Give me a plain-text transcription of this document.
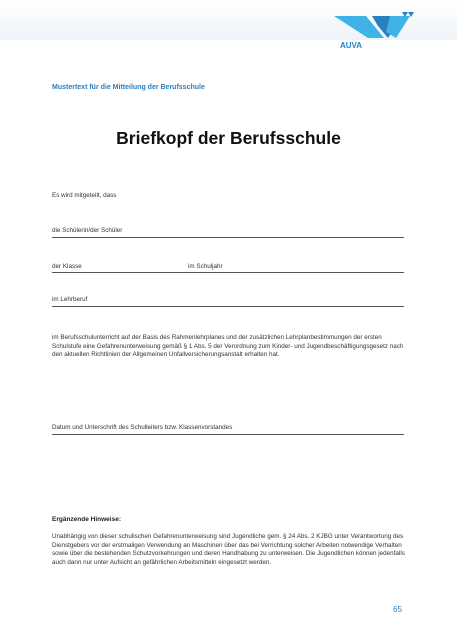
AUVA
Mustertext für die Mitteilung der Berufsschule
Briefkopf der Berufsschule
Es wird mitgeteilt, dass
die Schülerin/der Schüler
der Klasse	im Schuljahr
im Lehrberuf
im Berufsschulunterricht auf der Basis des Rahmenlehrplanes und der zusätzlichen Lehrplanbestimmungen der ersten Schulstufe eine Gefahrenunterweisung gemäß § 1 Abs. 5 der Verordnung zum Kinder- und Jugendbeschäftigungsgesetz nach den aktuellen Richtlinien der Allgemeinen Unfallversicherungsanstalt erhalten hat.
Datum und Unterschrift des Schulleiters bzw. Klassenvorstandes
Ergänzende Hinweise:
Unabhängig von dieser schulischen Gefahrenunterweisung sind Jugendliche gem. § 24 Abs. 2 KJBG unter Verantwortung des Dienstgebers vor der erstmaligen Verwendung an Maschinen über das bei Verrichtung solcher Arbeiten notwendige Verhalten sowie über die bestehenden Schutzvorkehrungen und deren Handhabung zu unterweisen. Die Jugendlichen können jedenfalls auch dann nur unter Aufsicht an gefährlichen Arbeitsmitteln eingesetzt werden.
65
